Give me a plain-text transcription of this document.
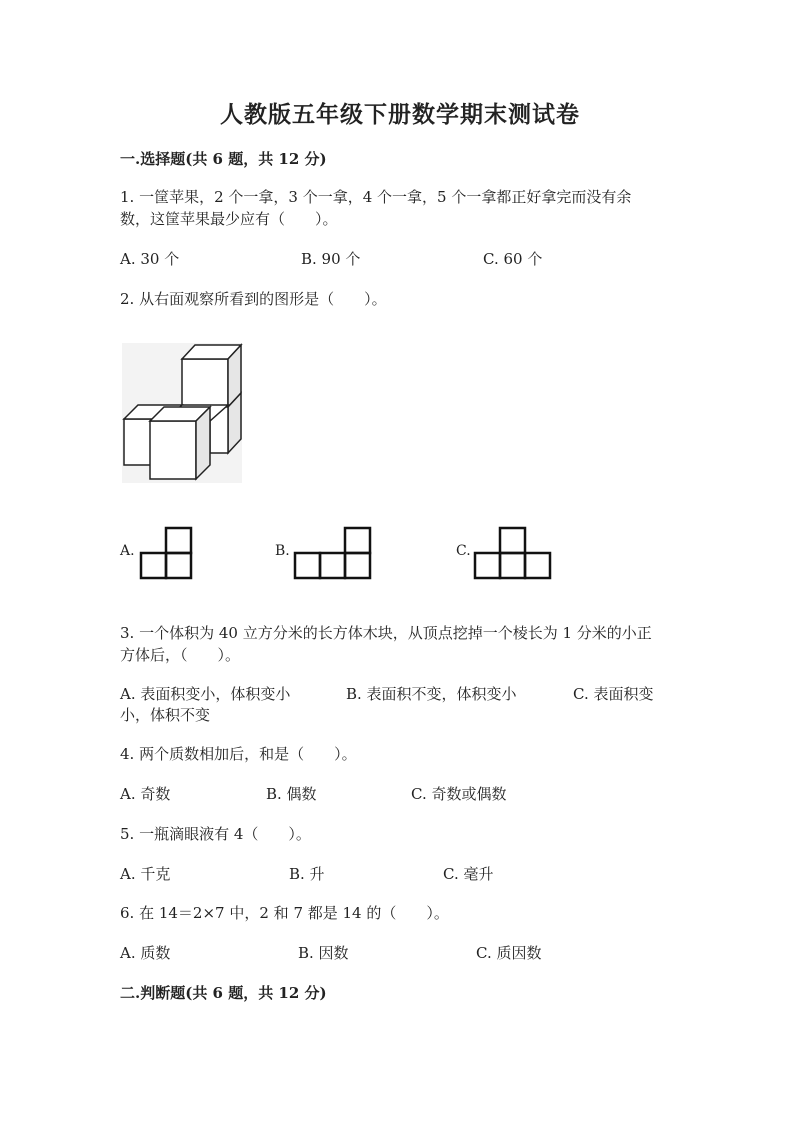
人教版五年级下册数学期末测试卷
一.选择题(共 6 题，共 12 分)
1. 一筐苹果，2 个一拿，3 个一拿，4 个一拿，5 个一拿都正好拿完而没有余
数，这筐苹果最少应有（　　）。
A. 30 个	B. 90 个	C. 60 个
2. 从右面观察所看到的图形是（　　）。
A.	B.	C.
3. 一个体积为 40 立方分米的长方体木块，从顶点挖掉一个棱长为 1 分米的小正
方体后，（　　）。
A. 表面积变小，体积变小	B. 表面积不变，体积变小	C. 表面积变
小，体积不变
4. 两个质数相加后，和是（　　）。
A. 奇数	B. 偶数	C. 奇数或偶数
5. 一瓶滴眼液有 4（　　）。
A. 千克	B. 升	C. 毫升
6. 在 14＝2×7 中，2 和 7 都是 14 的（　　）。
A. 质数	B. 因数	C. 质因数
二.判断题(共 6 题，共 12 分)
